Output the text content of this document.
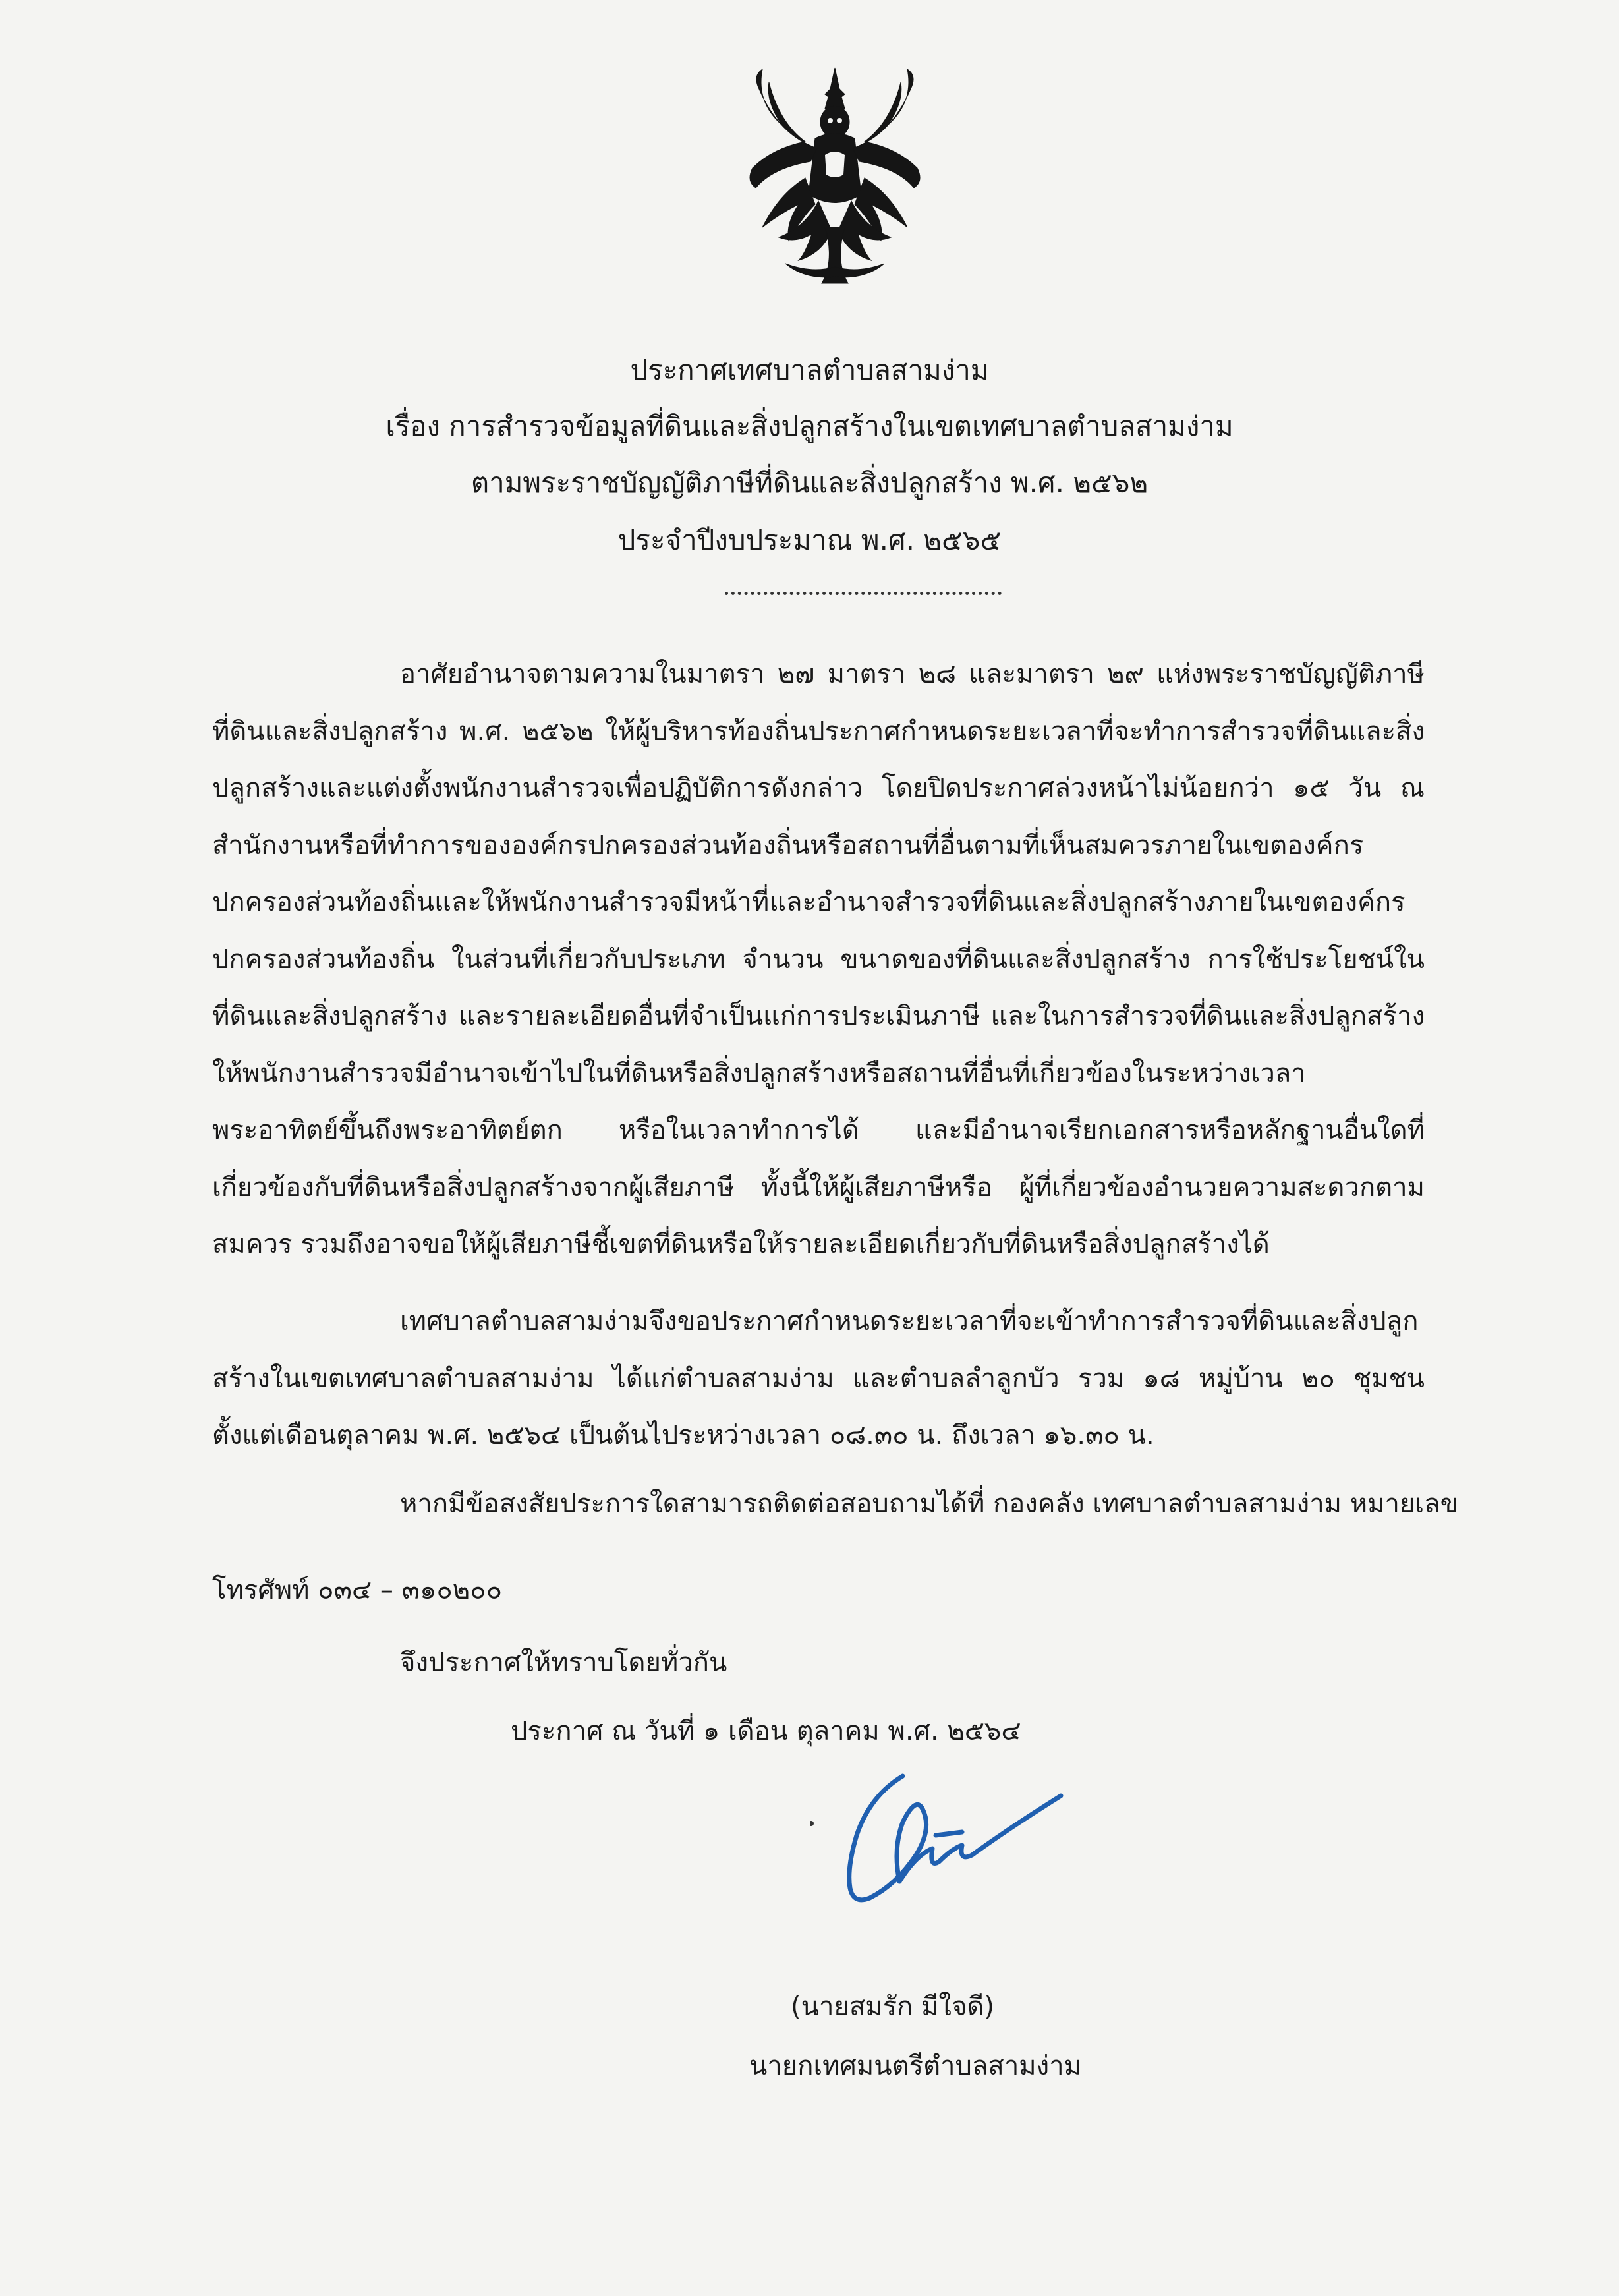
ประกาศเทศบาลตำบลสามง่าม
เรื่อง การสำรวจข้อมูลที่ดินและสิ่งปลูกสร้างในเขตเทศบาลตำบลสามง่าม
ตามพระราชบัญญัติภาษีที่ดินและสิ่งปลูกสร้าง พ.ศ. ๒๕๖๒
ประจำปีงบประมาณ พ.ศ. ๒๕๖๕

อาศัยอำนาจตามความในมาตรา ๒๗ มาตรา ๒๘ และมาตรา ๒๙ แห่งพระราชบัญญัติภาษีที่ดินและสิ่งปลูกสร้าง พ.ศ. ๒๕๖๒ ให้ผู้บริหารท้องถิ่นประกาศกำหนดระยะเวลาที่จะทำการสำรวจที่ดินและสิ่งปลูกสร้างและแต่งตั้งพนักงานสำรวจเพื่อปฏิบัติการดังกล่าว โดยปิดประกาศล่วงหน้าไม่น้อยกว่า ๑๕ วัน ณ สำนักงานหรือที่ทำการขององค์กรปกครองส่วนท้องถิ่นหรือสถานที่อื่นตามที่เห็นสมควรภายในเขตองค์กรปกครองส่วนท้องถิ่นและให้พนักงานสำรวจมีหน้าที่และอำนาจสำรวจที่ดินและสิ่งปลูกสร้างภายในเขตองค์กรปกครองส่วนท้องถิ่น ในส่วนที่เกี่ยวกับประเภท จำนวน ขนาดของที่ดินและสิ่งปลูกสร้าง การใช้ประโยชน์ในที่ดินและสิ่งปลูกสร้าง และรายละเอียดอื่นที่จำเป็นแก่การประเมินภาษี และในการสำรวจที่ดินและสิ่งปลูกสร้าง ให้พนักงานสำรวจมีอำนาจเข้าไปในที่ดินหรือสิ่งปลูกสร้างหรือสถานที่อื่นที่เกี่ยวข้องในระหว่างเวลาพระอาทิตย์ขึ้นถึงพระอาทิตย์ตก หรือในเวลาทำการได้ และมีอำนาจเรียกเอกสารหรือหลักฐานอื่นใดที่เกี่ยวข้องกับที่ดินหรือสิ่งปลูกสร้างจากผู้เสียภาษี ทั้งนี้ให้ผู้เสียภาษีหรือ ผู้ที่เกี่ยวข้องอำนวยความสะดวกตามสมควร รวมถึงอาจขอให้ผู้เสียภาษีชี้เขตที่ดินหรือให้รายละเอียดเกี่ยวกับที่ดินหรือสิ่งปลูกสร้างได้

เทศบาลตำบลสามง่ามจึงขอประกาศกำหนดระยะเวลาที่จะเข้าทำการสำรวจที่ดินและสิ่งปลูกสร้างในเขตเทศบาลตำบลสามง่าม ได้แก่ตำบลสามง่าม และตำบลลำลูกบัว รวม ๑๘ หมู่บ้าน ๒๐ ชุมชน ตั้งแต่เดือนตุลาคม พ.ศ. ๒๕๖๔ เป็นต้นไประหว่างเวลา ๐๘.๓๐ น. ถึงเวลา ๑๖.๓๐ น.

หากมีข้อสงสัยประการใดสามารถติดต่อสอบถามได้ที่ กองคลัง เทศบาลตำบลสามง่าม หมายเลข
โทรศัพท์ ๐๓๔ – ๓๑๐๒๐๐
จึงประกาศให้ทราบโดยทั่วกัน
ประกาศ ณ วันที่ ๑ เดือน ตุลาคม พ.ศ. ๒๕๖๔
(นายสมรัก มีใจดี)
นายกเทศมนตรีตำบลสามง่าม
